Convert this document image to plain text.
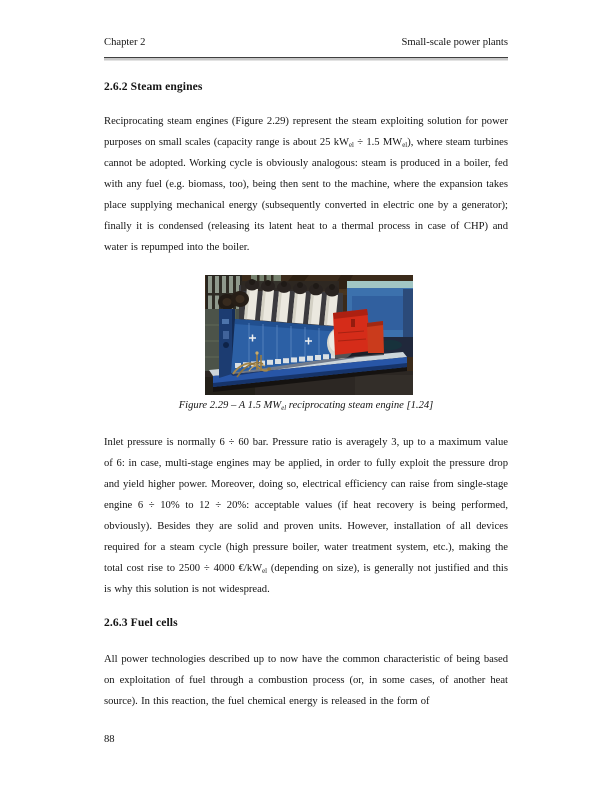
Chapter 2	Small-scale power plants
2.6.2 Steam engines
Reciprocating steam engines (Figure 2.29) represent the steam exploiting solution for power purposes on small scales (capacity range is about 25 $kW_{el} \div 1.5$ $MW_{el}$), where steam turbines cannot be adopted. Working cycle is obviously analogous: steam is produced in a boiler, fed with any fuel (e.g. biomass, too), being then sent to the machine, where the expansion takes place supplying mechanical energy (subsequently converted in electric one by a generator); finally it is condensed (releasing its latent heat to a thermal process in case of CHP) and water is repumped into the boiler.
Figure 2.29 – A 1.5 $MW_{el}$ reciprocating steam engine [1.24]
Inlet pressure is normally 6 ÷ 60 bar. Pressure ratio is averagely 3, up to a maximum value of 6: in case, multi-stage engines may be applied, in order to fully exploit the pressure drop and yield higher power. Moreover, doing so, electrical efficiency can raise from single-stage engine 6 ÷ 10% to 12 ÷ 20%: acceptable values (if heat recovery is being performed, obviously). Besides they are solid and proven units. However, installation of all devices required for a steam cycle (high pressure boiler, water treatment system, etc.), making the total cost rise to 2500 ÷ 4000 $€/kW_{el}$ (depending on size), is generally not justified and this is why this solution is not widespread.
2.6.3 Fuel cells
All power technologies described up to now have the common characteristic of being based on exploitation of fuel through a combustion process (or, in some cases, of another heat source). In this reaction, the fuel chemical energy is released in the form of
88
